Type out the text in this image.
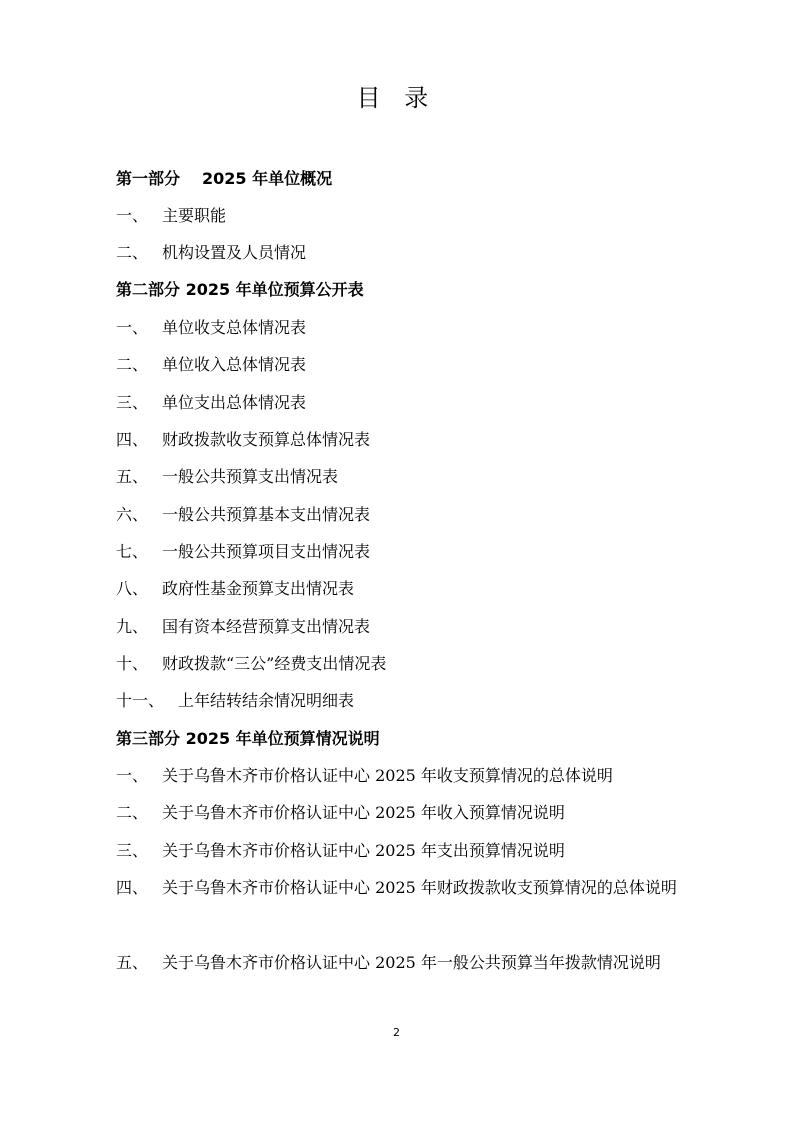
目 录
第一部分 2025 年单位概况
一、 主要职能
二、 机构设置及人员情况
第二部分 2025 年单位预算公开表
一、 单位收支总体情况表
二、 单位收入总体情况表
三、 单位支出总体情况表
四、 财政拨款收支预算总体情况表
五、 一般公共预算支出情况表
六、 一般公共预算基本支出情况表
七、 一般公共预算项目支出情况表
八、 政府性基金预算支出情况表
九、 国有资本经营预算支出情况表
十、 财政拨款“三公”经费支出情况表
十一、 上年结转结余情况明细表
第三部分 2025 年单位预算情况说明
一、 关于乌鲁木齐市价格认证中心 2025 年收支预算情况的总体说明
二、 关于乌鲁木齐市价格认证中心 2025 年收入预算情况说明
三、 关于乌鲁木齐市价格认证中心 2025 年支出预算情况说明
四、 关于乌鲁木齐市价格认证中心 2025 年财政拨款收支预算情况的总体说明
五、 关于乌鲁木齐市价格认证中心 2025 年一般公共预算当年拨款情况说明
2
